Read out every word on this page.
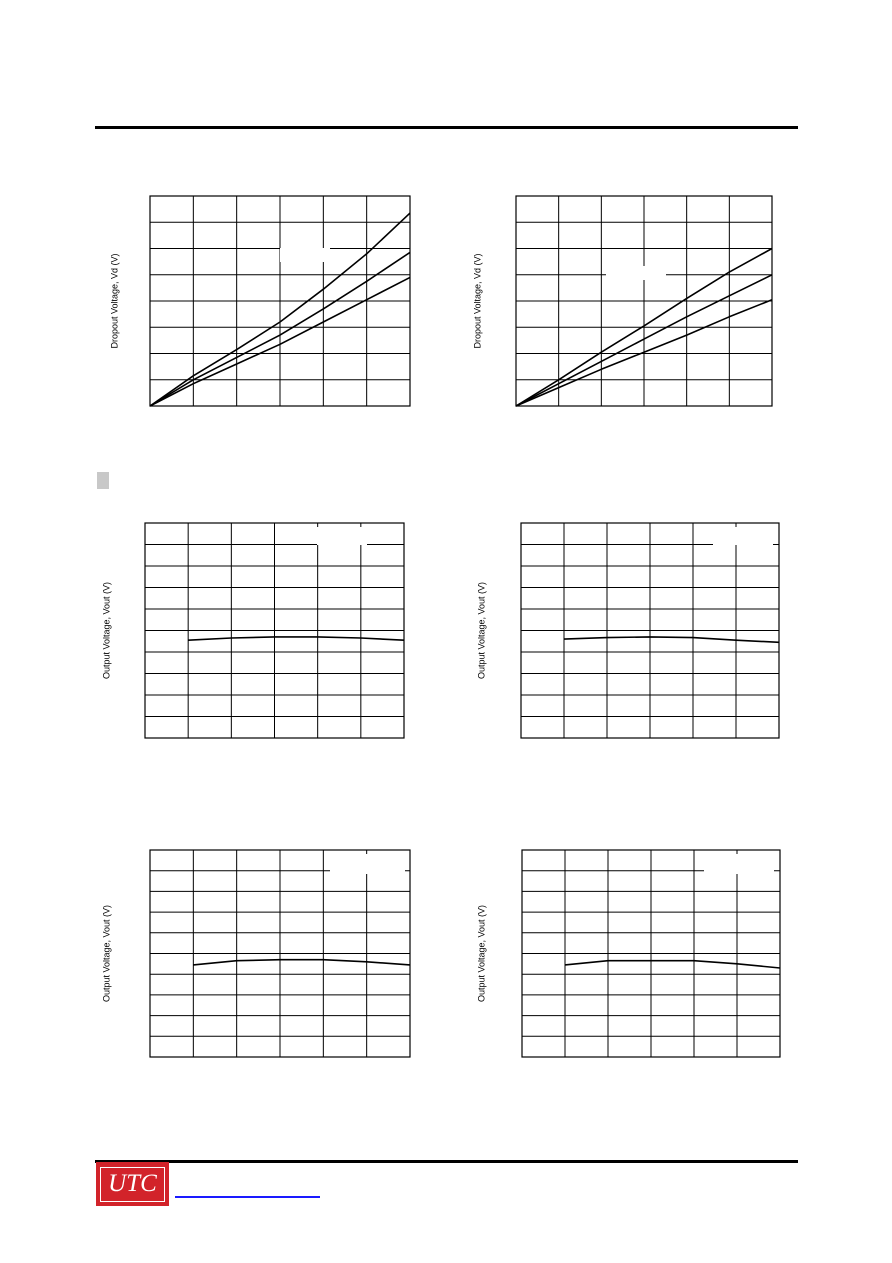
Dropout Voltage, Vd (V)	Dropout Voltage, Vd (V)
Output Voltage, Vout (V)	Output Voltage, Vout (V)
Output Voltage, Vout (V)	Output Voltage, Vout (V)
UTC
